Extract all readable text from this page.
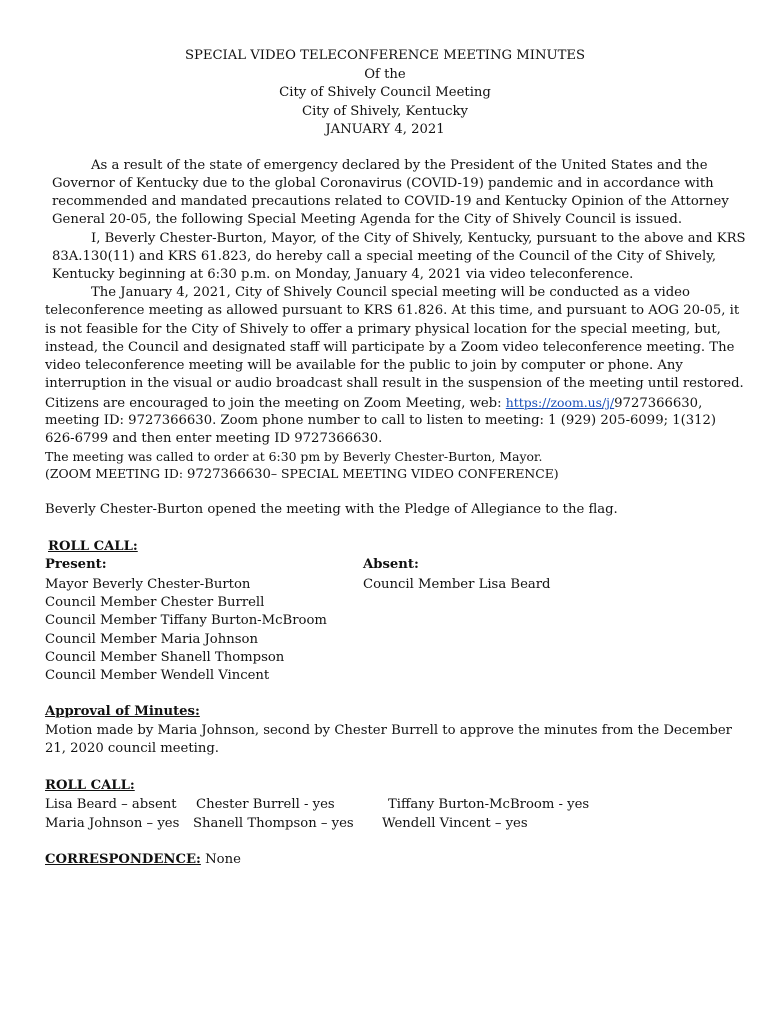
SPECIAL VIDEO TELECONFERENCE MEETING MINUTES
Of the
City of Shively Council Meeting
City of Shively, Kentucky
JANUARY 4, 2021
As a result of the state of emergency declared by the President of the United States and the
Governor of Kentucky due to the global Coronavirus (COVID-19) pandemic and in accordance with
recommended and mandated precautions related to COVID-19 and Kentucky Opinion of the Attorney
General 20-05, the following Special Meeting Agenda for the City of Shively Council is issued.
I, Beverly Chester-Burton, Mayor, of the City of Shively, Kentucky, pursuant to the above and KRS
83A.130(11) and KRS 61.823, do hereby call a special meeting of the Council of the City of Shively,
Kentucky beginning at 6:30 p.m. on Monday, January 4, 2021 via video teleconference.
The January 4, 2021, City of Shively Council special meeting will be conducted as a video
teleconference meeting as allowed pursuant to KRS 61.826. At this time, and pursuant to AOG 20-05, it
is not feasible for the City of Shively to offer a primary physical location for the special meeting, but,
instead, the Council and designated staff will participate by a Zoom video teleconference meeting. The
video teleconference meeting will be available for the public to join by computer or phone. Any
interruption in the visual or audio broadcast shall result in the suspension of the meeting until restored.
Citizens are encouraged to join the meeting on Zoom Meeting, web: https://zoom.us/j/9727366630,
meeting ID: 9727366630. Zoom phone number to call to listen to meeting: 1 (929) 205-6099; 1(312)
626-6799 and then enter meeting ID 9727366630.
The meeting was called to order at 6:30 pm by Beverly Chester-Burton, Mayor.
(ZOOM MEETING ID: 9727366630– SPECIAL MEETING VIDEO CONFERENCE)
Beverly Chester-Burton opened the meeting with the Pledge of Allegiance to the flag.
ROLL CALL:
Present:	Absent:
Mayor Beverly Chester-Burton
Council Member Chester Burrell
Council Member Tiffany Burton-McBroom
Council Member Maria Johnson
Council Member Shanell Thompson
Council Member Wendell Vincent
Council Member Lisa Beard
Approval of Minutes:
Motion made by Maria Johnson, second by Chester Burrell to approve the minutes from the December
21, 2020 council meeting.
ROLL CALL:
Lisa Beard – absent Chester Burrell - yes	Tiffany Burton-McBroom - yes
Maria Johnson – yes Shanell Thompson – yes Wendell Vincent – yes
CORRESPONDENCE: None
